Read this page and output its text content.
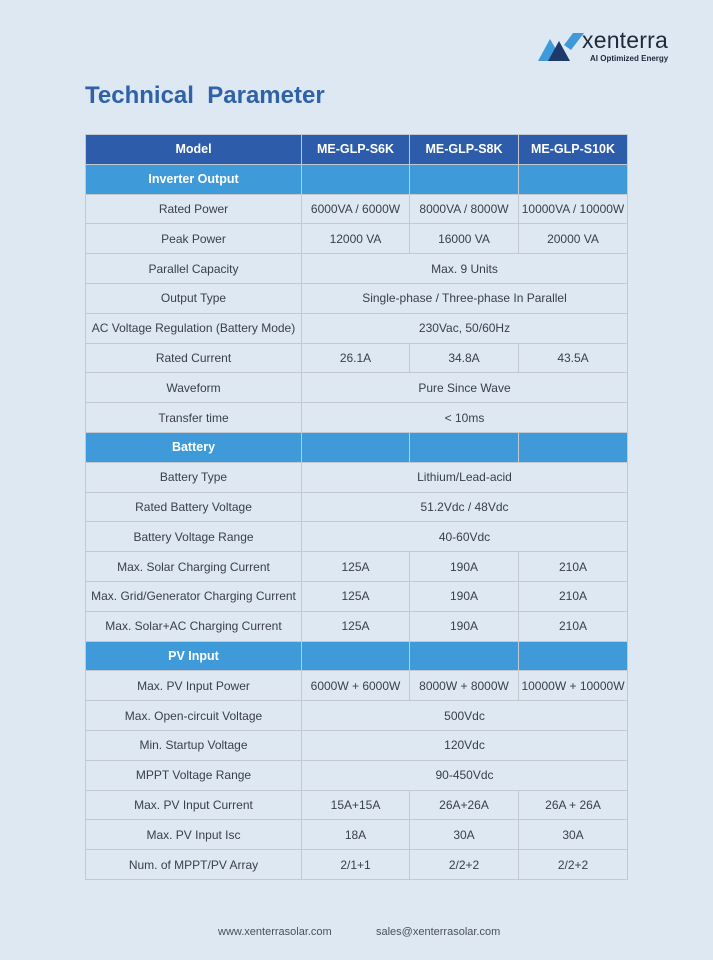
xenterra
AI Optimized Energy
Technical  Parameter
Model	ME-GLP-S6K	ME-GLP-S8K	ME-GLP-S10K
Inverter Output			
Rated Power	6000VA / 6000W	8000VA / 8000W	10000VA / 10000W
Peak Power	12000 VA	16000 VA	20000 VA
Parallel Capacity	Max. 9 Units		
Output Type	Single-phase / Three-phase In Parallel		
AC Voltage Regulation (Battery Mode)	230Vac, 50/60Hz		
Rated Current	26.1A	34.8A	43.5A
Waveform	Pure Since Wave		
Transfer time	< 10ms		
Battery			
Battery Type	Lithium/Lead-acid		
Rated Battery Voltage	51.2Vdc / 48Vdc		
Battery Voltage Range	40-60Vdc		
Max. Solar Charging Current	125A	190A	210A
Max. Grid/Generator Charging Current	125A	190A	210A
Max. Solar+AC Charging Current	125A	190A	210A
PV Input			
Max. PV Input Power	6000W + 6000W	8000W + 8000W	10000W + 10000W
Max. Open-circuit Voltage	500Vdc		
Min. Startup Voltage	120Vdc		
MPPT Voltage Range	90-450Vdc		
Max. PV Input Current	15A+15A	26A+26A	26A + 26A
Max. PV Input Isc	18A	30A	30A
Num. of MPPT/PV Array	2/1+1	2/2+2	2/2+2
www.xenterrasolar.com	sales@xenterrasolar.com
